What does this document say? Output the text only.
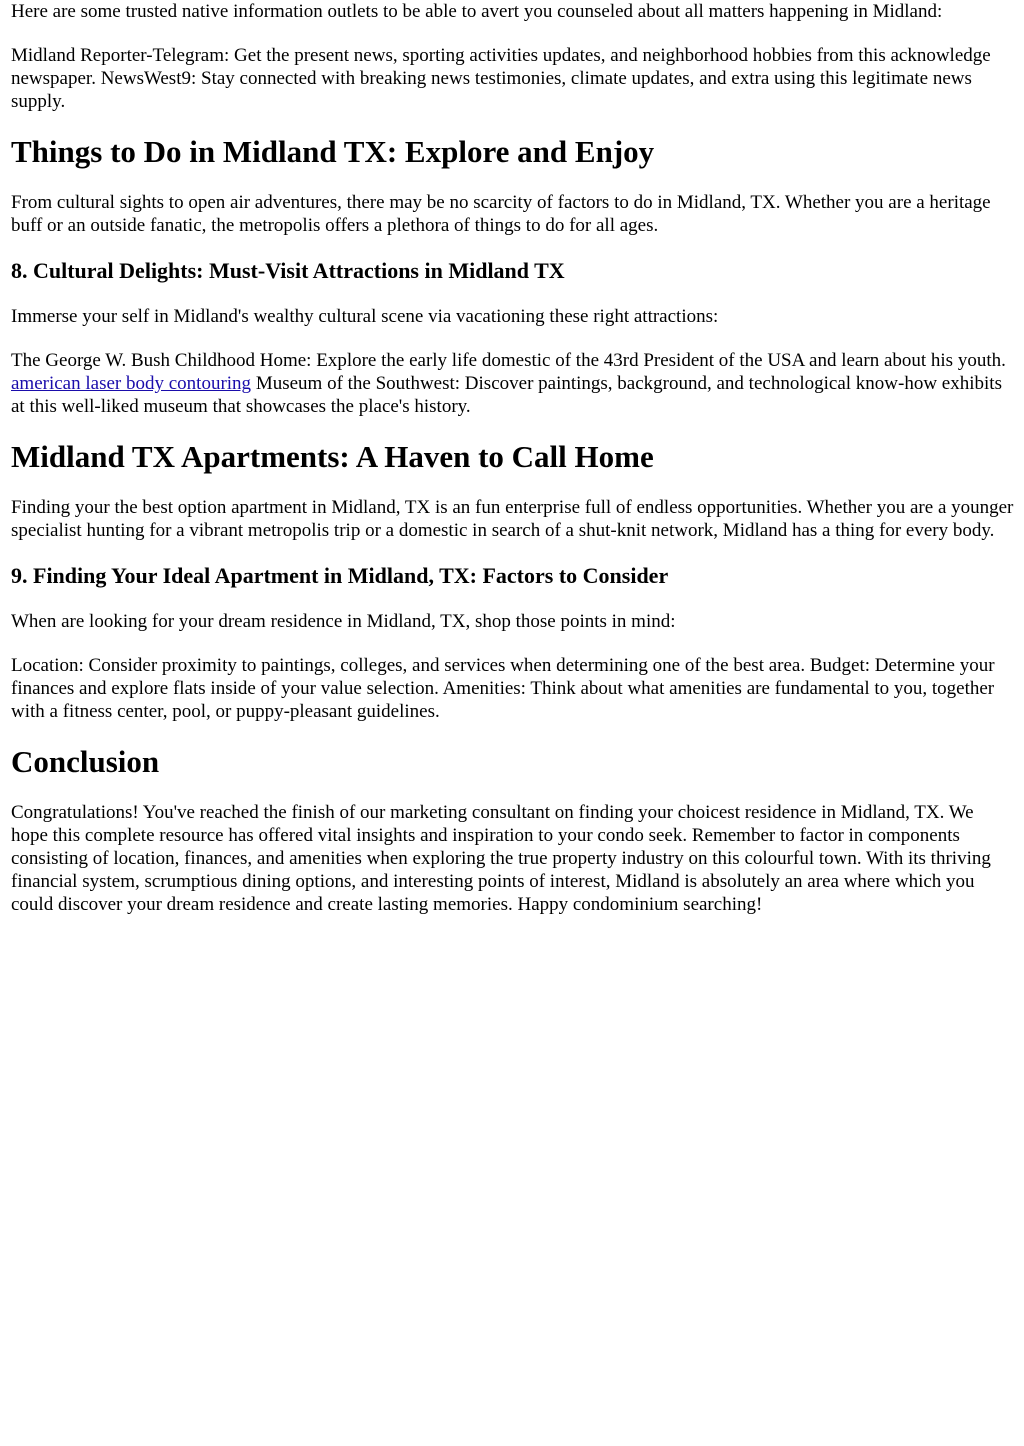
Here are some trusted native information outlets to be able to avert you counseled about all matters happening in Midland:

Midland Reporter-Telegram: Get the present news, sporting activities updates, and neighborhood hobbies from this acknowledge newspaper. NewsWest9: Stay connected with breaking news testimonies, climate updates, and extra using this legitimate news supply.

Things to Do in Midland TX: Explore and Enjoy

From cultural sights to open air adventures, there may be no scarcity of factors to do in Midland, TX. Whether you are a heritage buff or an outside fanatic, the metropolis offers a plethora of things to do for all ages.

8. Cultural Delights: Must-Visit Attractions in Midland TX

Immerse your self in Midland's wealthy cultural scene via vacationing these right attractions:

The George W. Bush Childhood Home: Explore the early life domestic of the 43rd President of the USA and learn about his youth. american laser body contouring Museum of the Southwest: Discover paintings, background, and technological know-how exhibits at this well-liked museum that showcases the place's history.

Midland TX Apartments: A Haven to Call Home

Finding your the best option apartment in Midland, TX is an fun enterprise full of endless opportunities. Whether you are a younger specialist hunting for a vibrant metropolis trip or a domestic in search of a shut-knit network, Midland has a thing for every body.

9. Finding Your Ideal Apartment in Midland, TX: Factors to Consider

When are looking for your dream residence in Midland, TX, shop those points in mind:

Location: Consider proximity to paintings, colleges, and services when determining one of the best area. Budget: Determine your finances and explore flats inside of your value selection. Amenities: Think about what amenities are fundamental to you, together with a fitness center, pool, or puppy-pleasant guidelines.

Conclusion

Congratulations! You've reached the finish of our marketing consultant on finding your choicest residence in Midland, TX. We hope this complete resource has offered vital insights and inspiration to your condo seek. Remember to factor in components consisting of location, finances, and amenities when exploring the true property industry on this colourful town. With its thriving financial system, scrumptious dining options, and interesting points of interest, Midland is absolutely an area where which you could discover your dream residence and create lasting memories. Happy condominium searching!
